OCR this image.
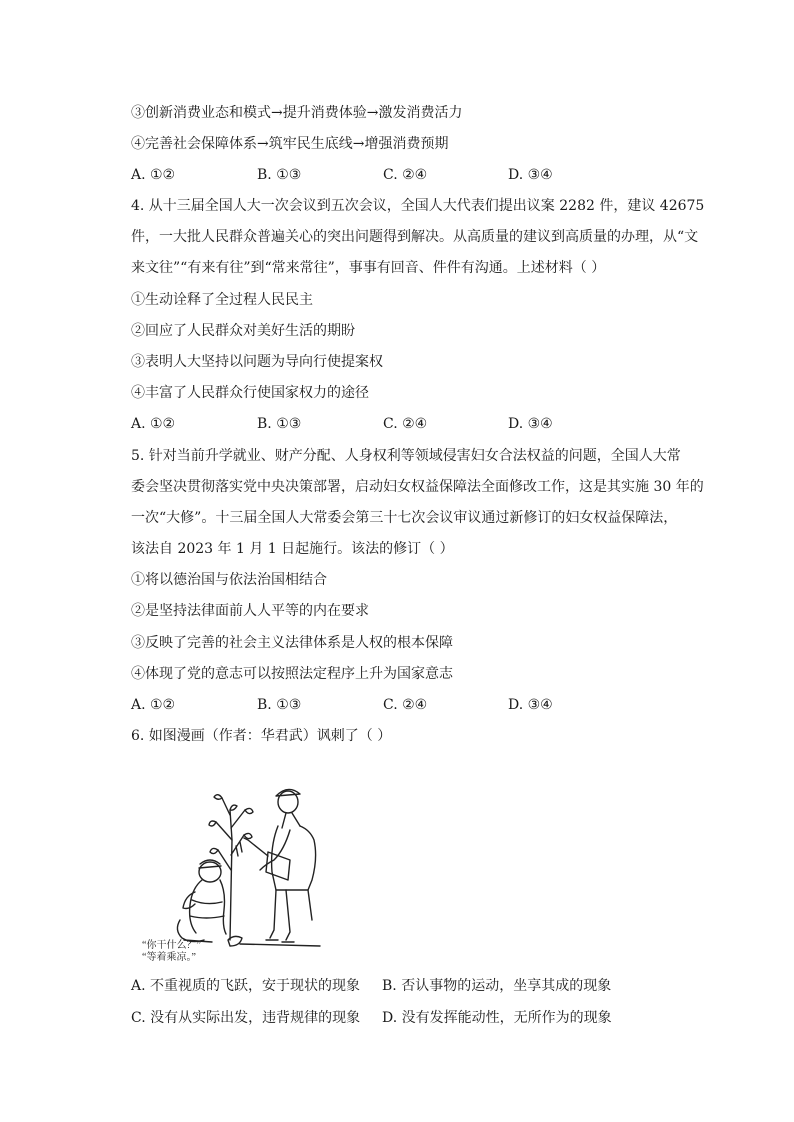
③创新消费业态和模式→提升消费体验→激发消费活力
④完善社会保障体系→筑牢民生底线→增强消费预期
A. ①②	B. ①③	C. ②④	D. ③④
4. 从十三届全国人大一次会议到五次会议，全国人大代表们提出议案 2282 件，建议 42675
件，一大批人民群众普遍关心的突出问题得到解决。从高质量的建议到高质量的办理，从“文
来文往”“有来有往”到“常来常往”，事事有回音、件件有沟通。上述材料（ ）
①生动诠释了全过程人民民主
②回应了人民群众对美好生活的期盼
③表明人大坚持以问题为导向行使提案权
④丰富了人民群众行使国家权力的途径
A. ①②	B. ①③	C. ②④	D. ③④
5. 针对当前升学就业、财产分配、人身权利等领域侵害妇女合法权益的问题，全国人大常
委会坚决贯彻落实党中央决策部署，启动妇女权益保障法全面修改工作，这是其实施 30 年的
一次“大修”。十三届全国人大常委会第三十七次会议审议通过新修订的妇女权益保障法，
该法自 2023 年 1 月 1 日起施行。该法的修订（ ）
①将以德治国与依法治国相结合
②是坚持法律面前人人平等的内在要求
③反映了完善的社会主义法律体系是人权的根本保障
④体现了党的意志可以按照法定程序上升为国家意志
A. ①②	B. ①③	C. ②④	D. ③④
6. 如图漫画（作者：华君武）讽刺了（ ）
“你干什么？”
“等着乘凉。”
A. 不重视质的飞跃，安于现状的现象 B. 否认事物的运动，坐享其成的现象
C. 没有从实际出发，违背规律的现象 D. 没有发挥能动性，无所作为的现象
